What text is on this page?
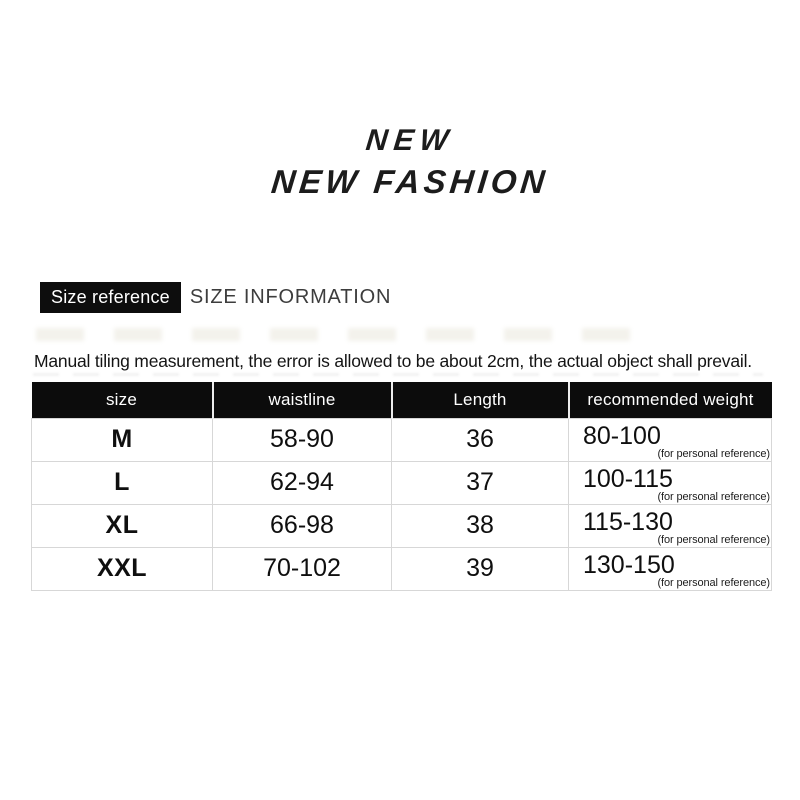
NEW
NEW FASHION
Size reference	SIZE INFORMATION

Manual tiling measurement, the error is allowed to be about 2cm, the actual object shall prevail.

size	waistline	Length	recommended weight
M	58-90	36	80-100
(for personal reference)

L	62-94	37	100-115
(for personal reference)

XL	66-98	38	115-130
(for personal reference)

XXL	70-102	39	130-150
(for personal reference)
